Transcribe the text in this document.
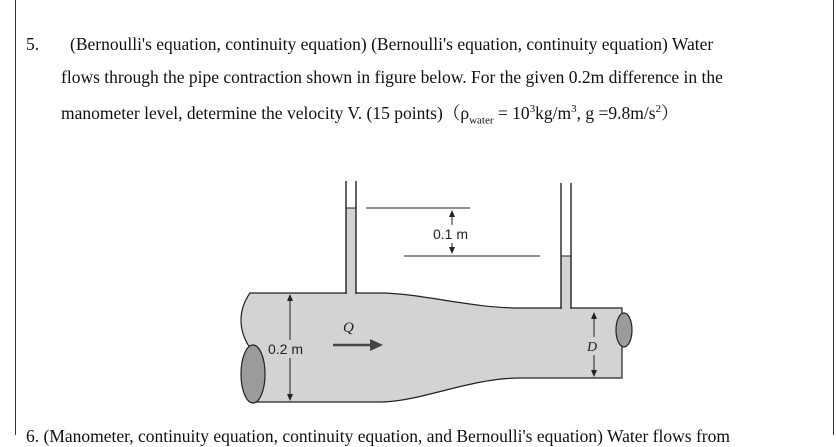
5. (Bernoulli's equation, continuity equation) (Bernoulli's equation, continuity equation) Water
flows through the pipe contraction shown in figure below. For the given 0.2m difference in the
manometer level, determine the velocity V. (15 $points)(\rho_{water} = 10^3kg/m^3$, $g =9.8m/s^2$）
0.1 m
0.2 m
Q
D
6. (Manometer, continuity equation, continuity equation, and Bernoulli's equation) Water flows from
